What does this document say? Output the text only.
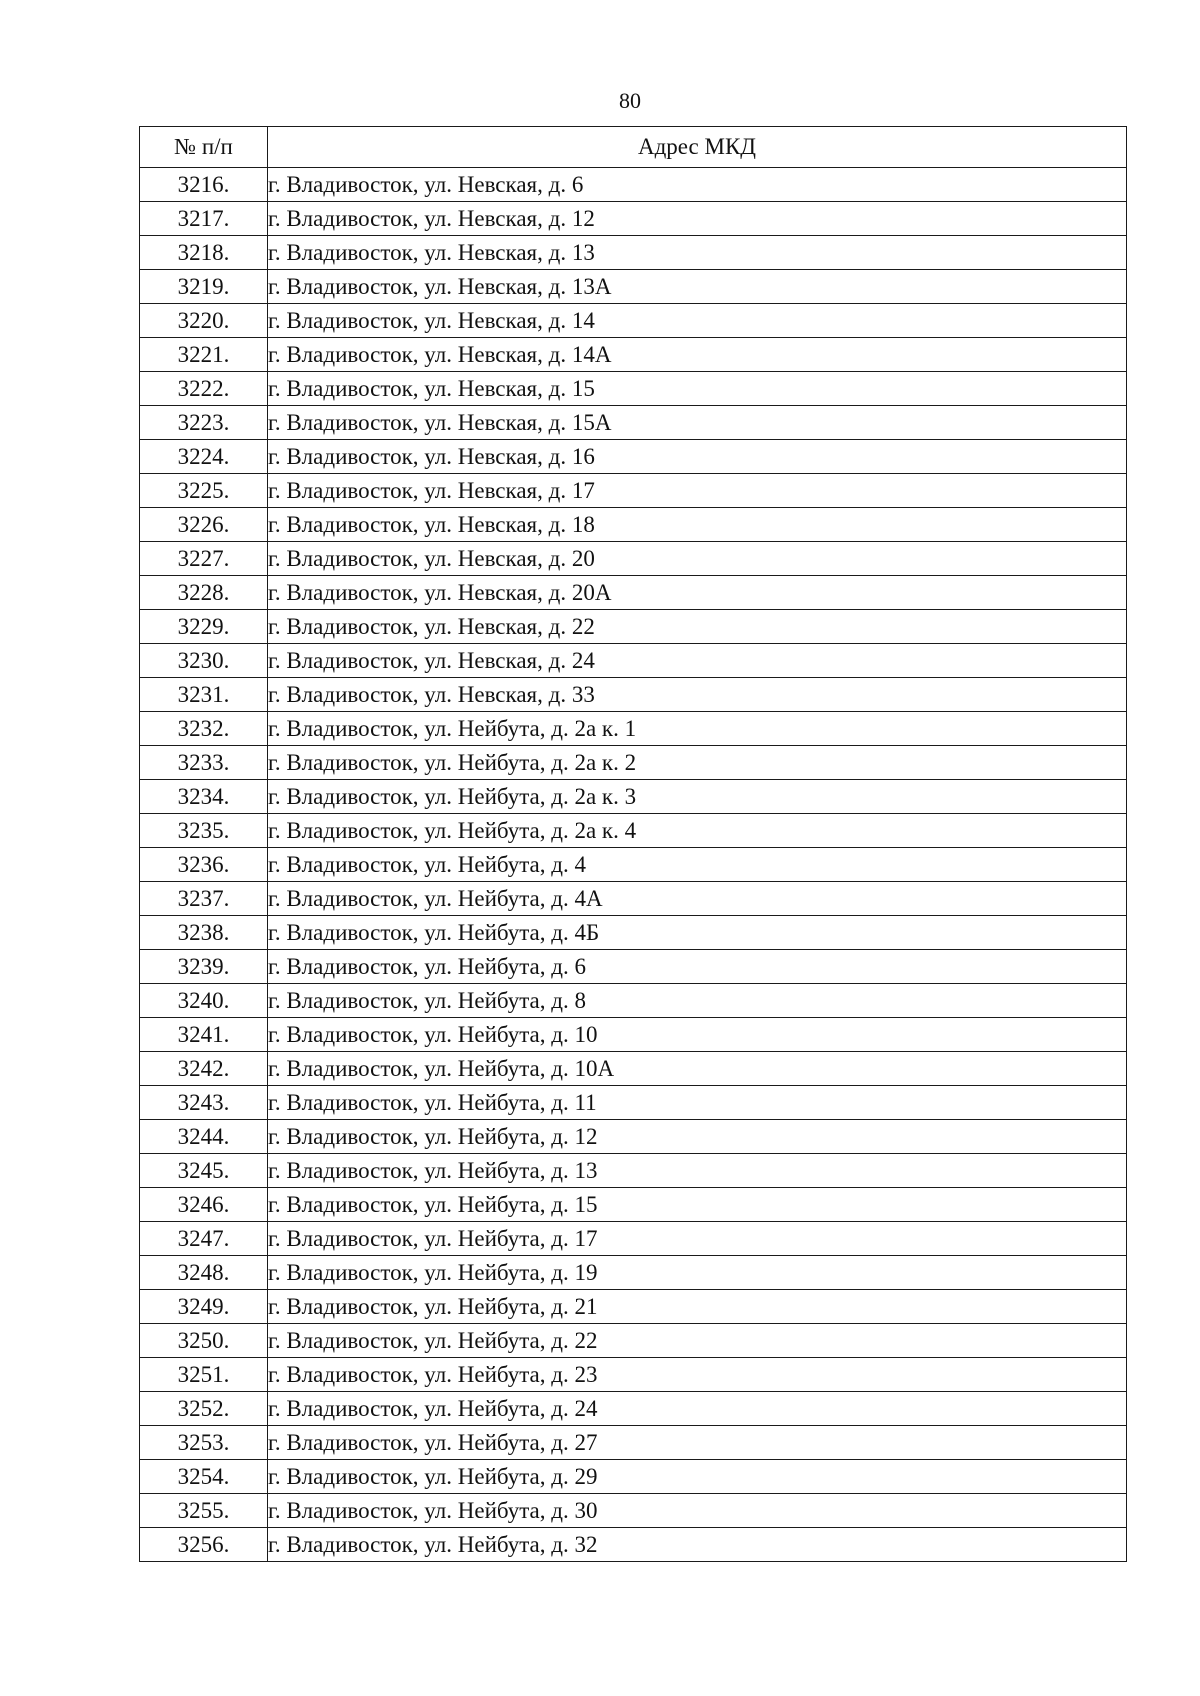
80
№ п/п	Адрес МКД
3216.	г. Владивосток, ул. Невская, д. 6
3217.	г. Владивосток, ул. Невская, д. 12
3218.	г. Владивосток, ул. Невская, д. 13
3219.	г. Владивосток, ул. Невская, д. 13А
3220.	г. Владивосток, ул. Невская, д. 14
3221.	г. Владивосток, ул. Невская, д. 14А
3222.	г. Владивосток, ул. Невская, д. 15
3223.	г. Владивосток, ул. Невская, д. 15А
3224.	г. Владивосток, ул. Невская, д. 16
3225.	г. Владивосток, ул. Невская, д. 17
3226.	г. Владивосток, ул. Невская, д. 18
3227.	г. Владивосток, ул. Невская, д. 20
3228.	г. Владивосток, ул. Невская, д. 20А
3229.	г. Владивосток, ул. Невская, д. 22
3230.	г. Владивосток, ул. Невская, д. 24
3231.	г. Владивосток, ул. Невская, д. 33
3232.	г. Владивосток, ул. Нейбута, д. 2а к. 1
3233.	г. Владивосток, ул. Нейбута, д. 2а к. 2
3234.	г. Владивосток, ул. Нейбута, д. 2а к. 3
3235.	г. Владивосток, ул. Нейбута, д. 2а к. 4
3236.	г. Владивосток, ул. Нейбута, д. 4
3237.	г. Владивосток, ул. Нейбута, д. 4А
3238.	г. Владивосток, ул. Нейбута, д. 4Б
3239.	г. Владивосток, ул. Нейбута, д. 6
3240.	г. Владивосток, ул. Нейбута, д. 8
3241.	г. Владивосток, ул. Нейбута, д. 10
3242.	г. Владивосток, ул. Нейбута, д. 10А
3243.	г. Владивосток, ул. Нейбута, д. 11
3244.	г. Владивосток, ул. Нейбута, д. 12
3245.	г. Владивосток, ул. Нейбута, д. 13
3246.	г. Владивосток, ул. Нейбута, д. 15
3247.	г. Владивосток, ул. Нейбута, д. 17
3248.	г. Владивосток, ул. Нейбута, д. 19
3249.	г. Владивосток, ул. Нейбута, д. 21
3250.	г. Владивосток, ул. Нейбута, д. 22
3251.	г. Владивосток, ул. Нейбута, д. 23
3252.	г. Владивосток, ул. Нейбута, д. 24
3253.	г. Владивосток, ул. Нейбута, д. 27
3254.	г. Владивосток, ул. Нейбута, д. 29
3255.	г. Владивосток, ул. Нейбута, д. 30
3256.	г. Владивосток, ул. Нейбута, д. 32
